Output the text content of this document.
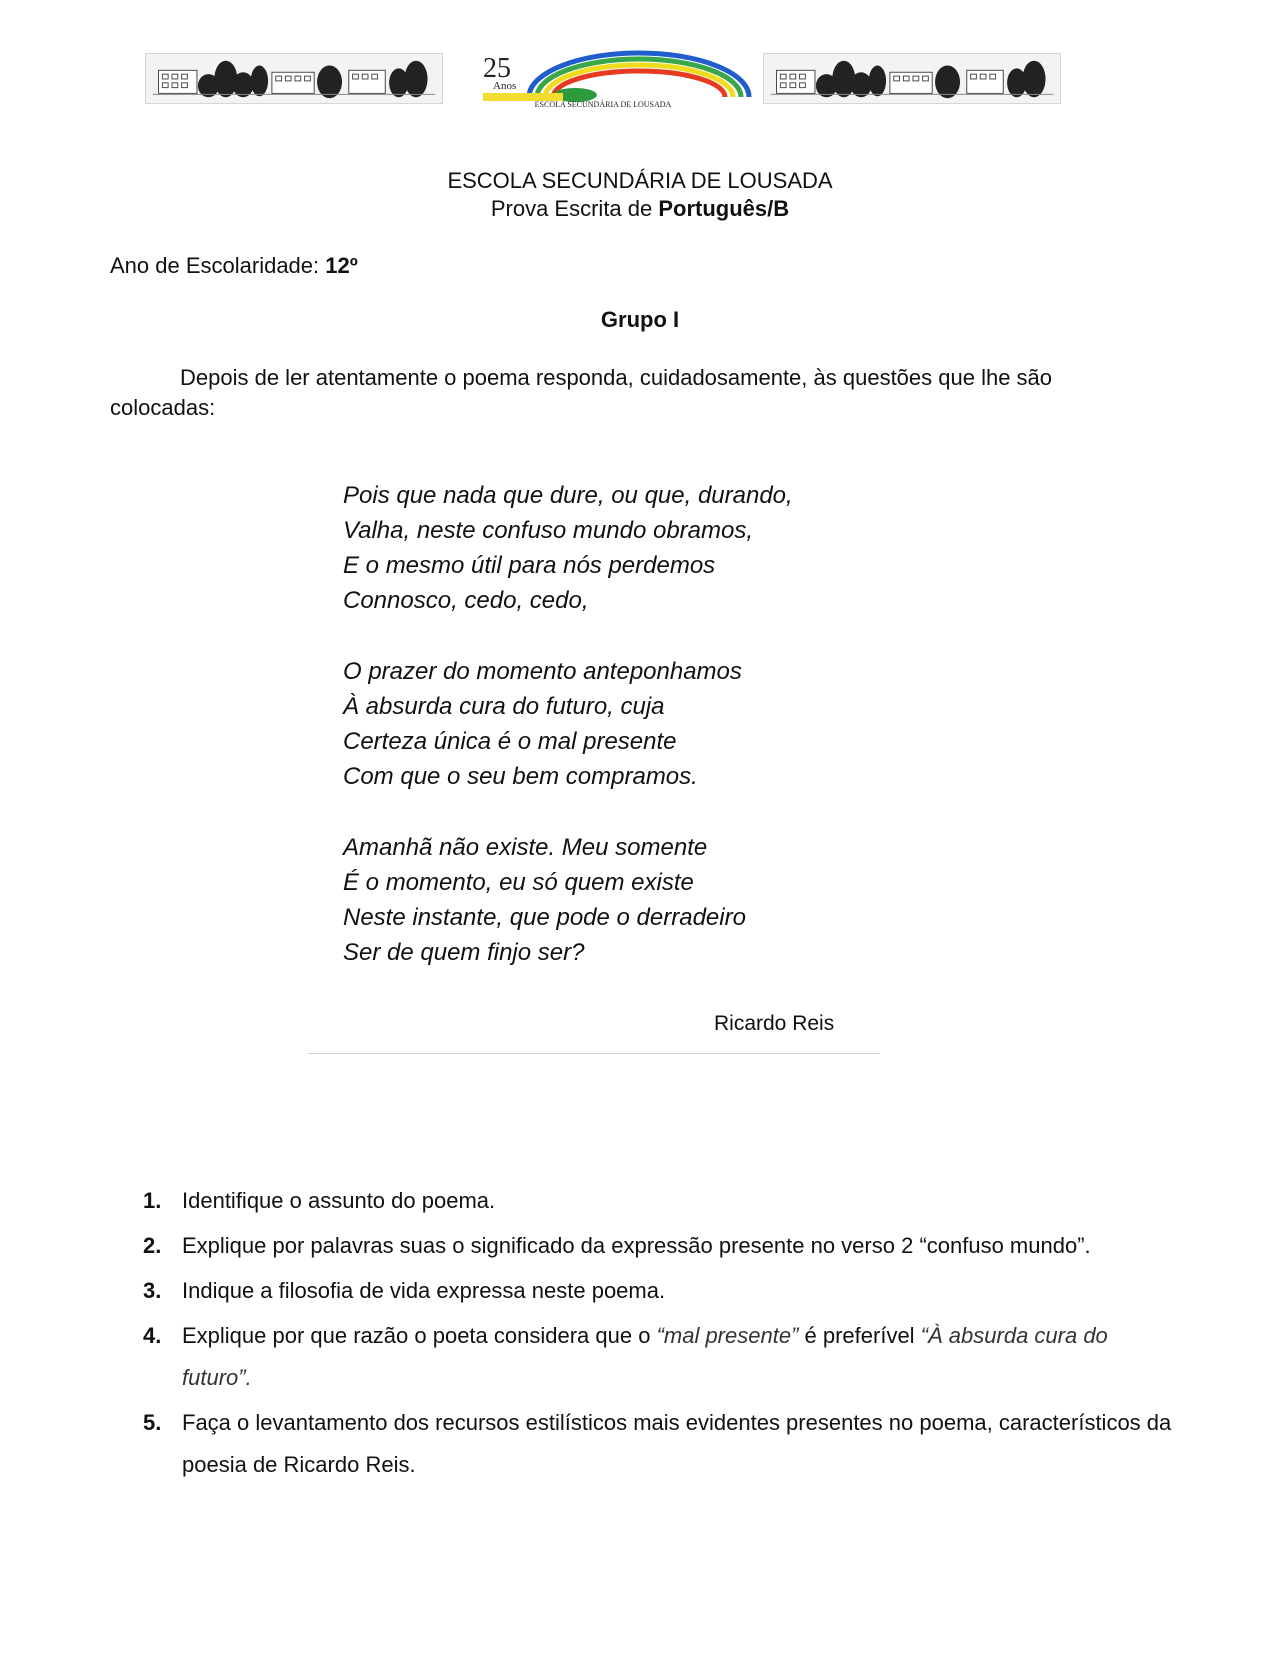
25
Anos
ESCOLA SECUNDÁRIA DE LOUSADA
ESCOLA SECUNDÁRIA DE LOUSADA
Prova Escrita de Português/B
Ano de Escolaridade: 12º
Grupo I
Depois de ler atentamente o poema responda, cuidadosamente, às questões que lhe são colocadas:
Pois que nada que dure, ou que, durando,
Valha, neste confuso mundo obramos,
E o mesmo útil para nós perdemos
Connosco, cedo, cedo,
O prazer do momento anteponhamos
À absurda cura do futuro, cuja
Certeza única é o mal presente
Com que o seu bem compramos.
Amanhã não existe. Meu somente
É o momento, eu só quem existe
Neste instante, que pode o derradeiro
Ser de quem finjo ser?
Ricardo Reis
1. Identifique o assunto do poema.
2. Explique por palavras suas o significado da expressão presente no verso 2 “confuso mundo”.
3. Indique a filosofia de vida expressa neste poema.
4. Explique por que razão o poeta considera que o “mal presente” é preferível “À absurda cura do futuro”.
5. Faça o levantamento dos recursos estilísticos mais evidentes presentes no poema, característicos da poesia de Ricardo Reis.
